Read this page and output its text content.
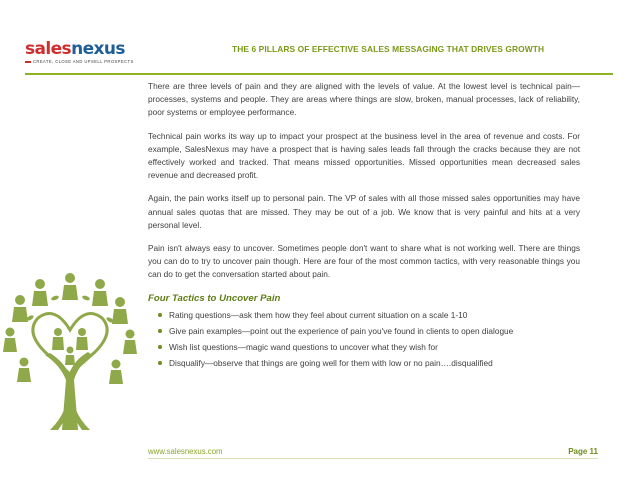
salesnexus
CREATE, CLOSE AND UPSELL PROSPECTS
THE 6 PILLARS OF EFFECTIVE SALES MESSAGING THAT DRIVES GROWTH

There are three levels of pain and they are aligned with the levels of value. At the lowest level is technical pain—processes, systems and people. They are areas where things are slow, broken, manual processes, lack of reliability, poor systems or employee performance.

Technical pain works its way up to impact your prospect at the business level in the area of revenue and costs. For example, SalesNexus may have a prospect that is having sales leads fall through the cracks because they are not effectively worked and tracked. That means missed opportunities. Missed opportunities mean decreased sales revenue and decreased profit.

Again, the pain works itself up to personal pain. The VP of sales with all those missed sales opportunities may have annual sales quotas that are missed. They may be out of a job. We know that is very painful and hits at a very personal level.

Pain isn't always easy to uncover. Sometimes people don't want to share what is not working well. There are things you can do to try to uncover pain though. Here are four of the most common tactics, with very reasonable things you can do to get the conversation started about pain.

Four Tactics to Uncover Pain
Rating questions—ask them how they feel about current situation on a scale 1-10
Give pain examples—point out the experience of pain you've found in clients to open dialogue
Wish list questions—magic wand questions to uncover what they wish for
Disqualify—observe that things are going well for them with low or no pain….disqualified
www.salesnexus.com	Page 11
